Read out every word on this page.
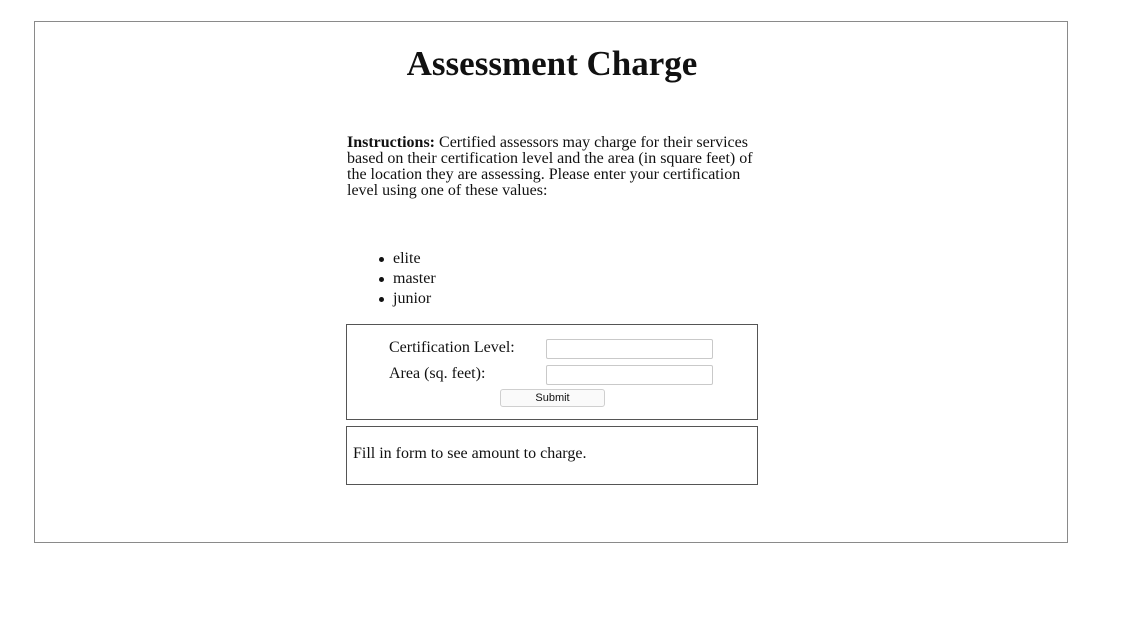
Assessment Charge

Instructions: Certified assessors may charge for their services based on their certification level and the area (in square feet) of the location they are assessing. Please enter your certification level using one of these values:

elite
master
junior
Certification Level:
Area (sq. feet):
Submit
Fill in form to see amount to charge.
